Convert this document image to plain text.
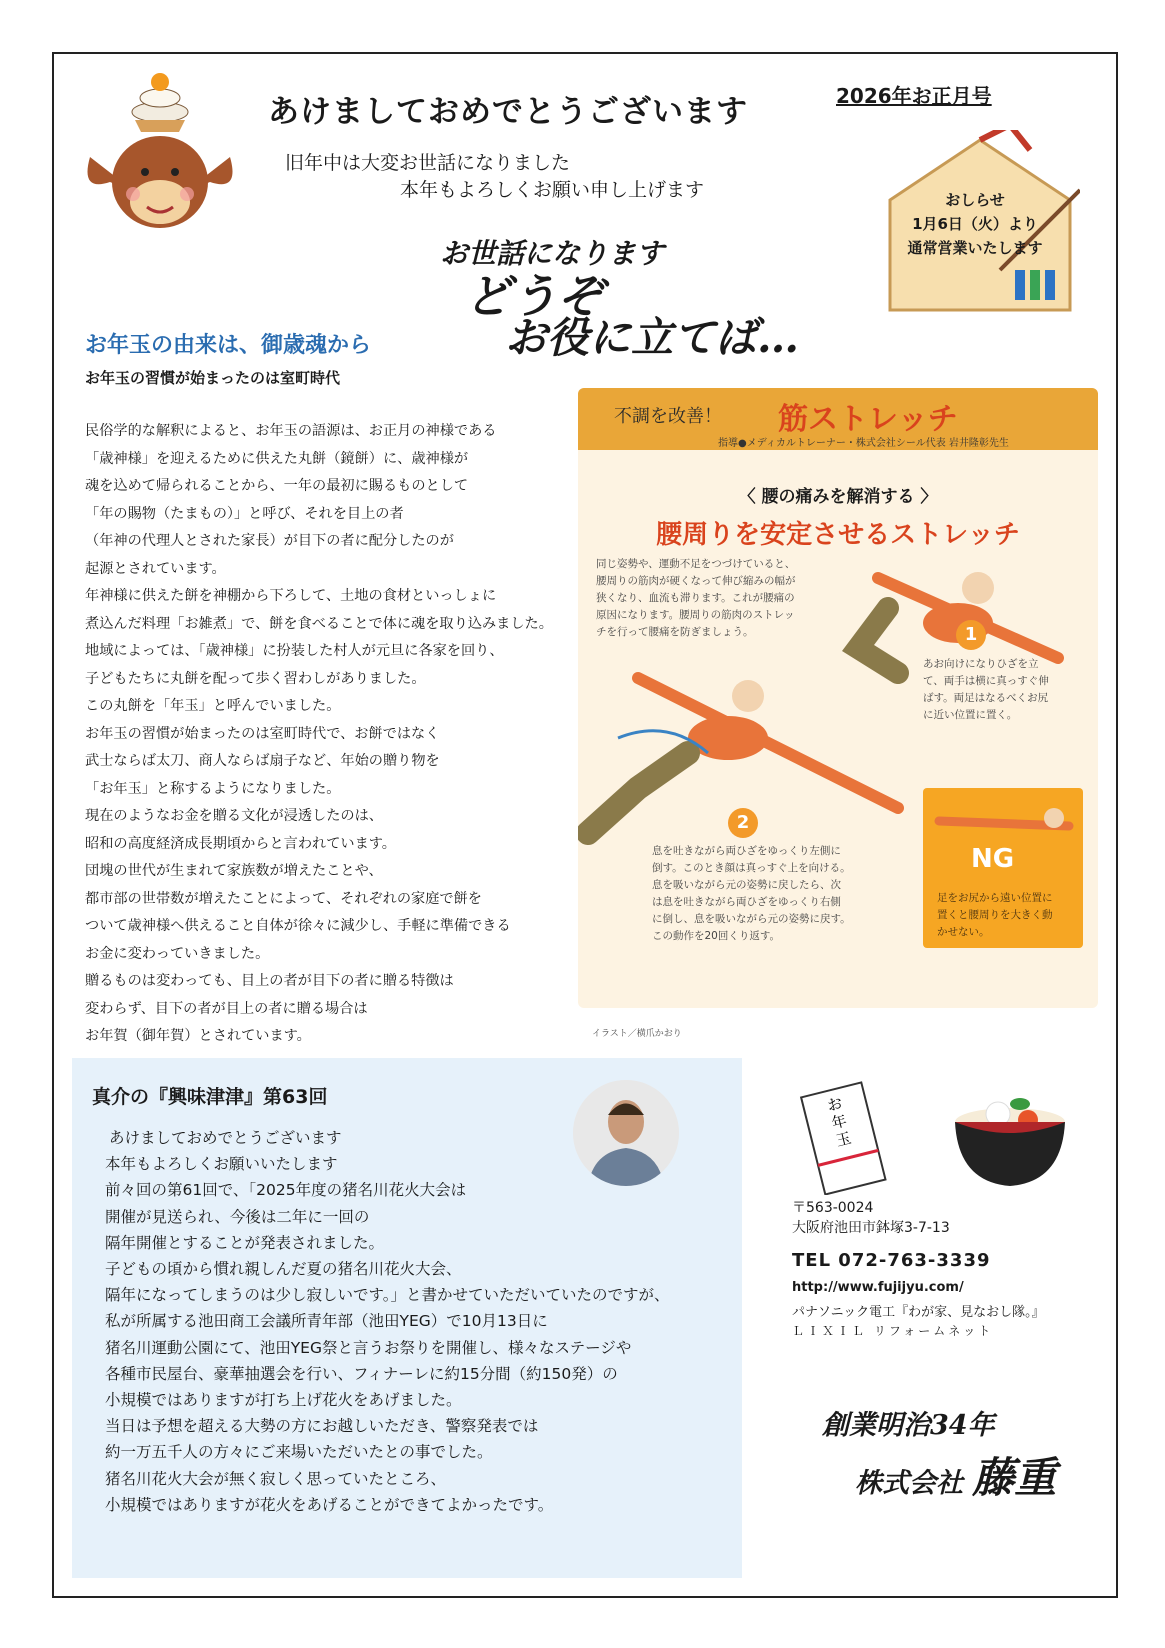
あけましておめでとうございます	2026年お正月号
旧年中は大変お世話になりました
本年もよろしくお願い申し上げます	おしらせ
1月6日（火）より
通常営業いたします
お世話になります
どうぞ
お役に立てば…
お年玉の由来は、御歳魂から
お年玉の習慣が始まったのは室町時代
民俗学的な解釈によると、お年玉の語源は、お正月の神様である
「歳神様」を迎えるために供えた丸餅（鏡餅）に、歳神様が
魂を込めて帰られることから、一年の最初に賜るものとして
「年の賜物（たまもの）」と呼び、それを目上の者
（年神の代理人とされた家長）が目下の者に配分したのが
起源とされています。
年神様に供えた餅を神棚から下ろして、土地の食材といっしょに
煮込んだ料理「お雑煮」で、餅を食べることで体に魂を取り込みました。
地域によっては、「歳神様」に扮装した村人が元旦に各家を回り、
子どもたちに丸餅を配って歩く習わしがありました。
この丸餅を「年玉」と呼んでいました。
お年玉の習慣が始まったのは室町時代で、お餅ではなく
武士ならば太刀、商人ならば扇子など、年始の贈り物を
「お年玉」と称するようになりました。
現在のようなお金を贈る文化が浸透したのは、
昭和の高度経済成長期頃からと言われています。
団塊の世代が生まれて家族数が増えたことや、
都市部の世帯数が増えたことによって、それぞれの家庭で餅を
ついて歳神様へ供えること自体が徐々に減少し、手軽に準備できる
お金に変わっていきました。
贈るものは変わっても、目上の者が目下の者に贈る特徴は
変わらず、目下の者が目上の者に贈る場合は
お年賀（御年賀）とされています。
不調を改善！ 筋ストレッチ
指導●メディカルトレーナー・株式会社シール代表 岩井隆彰先生
〈 腰の痛みを解消する 〉
腰周りを安定させるストレッチ
同じ姿勢や、運動不足をつづけていると、
腰周りの筋肉が硬くなって伸び縮みの幅が
狭くなり、血流も滞ります。これが腰痛の
原因になります。腰周りの筋肉のストレッ
チを行って腰痛を防ぎましょう。	1
あお向けになりひざを立
て、両手は横に真っすぐ伸
ばす。両足はなるべくお尻
に近い位置に置く。
2
息を吐きながら両ひざをゆっくり左側に
倒す。このとき顔は真っすぐ上を向ける。
息を吸いながら元の姿勢に戻したら、次
は息を吐きながら両ひざをゆっくり右側
に倒し、息を吸いながら元の姿勢に戻す。
この動作を20回くり返す。
NG
足をお尻から遠い位置に
置くと腰周りを大きく動
かせない。
イラスト／横爪かおり
真介の『興味津津』第63回
あけましておめでとうございます
本年もよろしくお願いいたします
前々回の第61回で、「2025年度の猪名川花火大会は
開催が見送られ、今後は二年に一回の
隔年開催とすることが発表されました。
子どもの頃から慣れ親しんだ夏の猪名川花火大会、
隔年になってしまうのは少し寂しいです。」と書かせていただいていたのですが、
私が所属する池田商工会議所青年部（池田YEG）で10月13日に
猪名川運動公園にて、池田YEG祭と言うお祭りを開催し、様々なステージや
各種市民屋台、豪華抽選会を行い、フィナーレに約15分間（約150発）の
小規模ではありますが打ち上げ花火をあげました。
当日は予想を超える大勢の方にお越しいただき、警察発表では
約一万五千人の方々にご来場いただいたとの事でした。
猪名川花火大会が無く寂しく思っていたところ、
小規模ではありますが花火をあげることができてよかったです。
お
年
玉
〒563-0024
大阪府池田市鉢塚3-7-13
TEL 072-763-3339
http://www.fujijyu.com/
パナソニック電工『わが家、見なおし隊。』
ＬＩＸＩＬ リフォームネット
創業明治34年
株式会社 藤重
